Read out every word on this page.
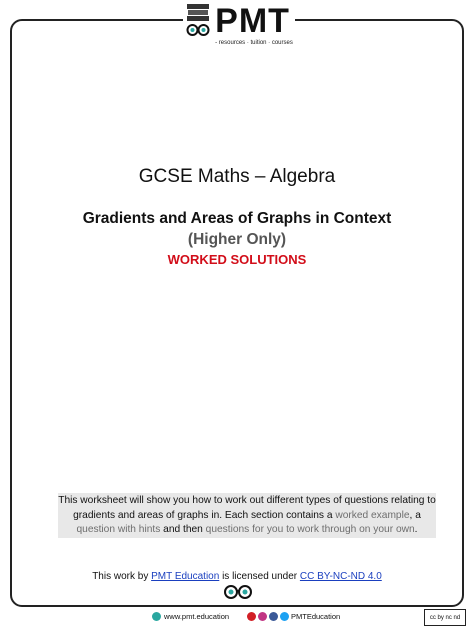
PMT
- resources · tuition · courses
GCSE Maths – Algebra
Gradients and Areas of Graphs in Context
(Higher Only)
WORKED SOLUTIONS
This worksheet will show you how to work out different types of questions relating to gradients and areas of graphs in. Each section contains a worked example, a question with hints and then questions for you to work through on your own.
This work by PMT Education is licensed under CC BY-NC-ND 4.0
www.pmt.education	PMTEducation	cc by nc nd
